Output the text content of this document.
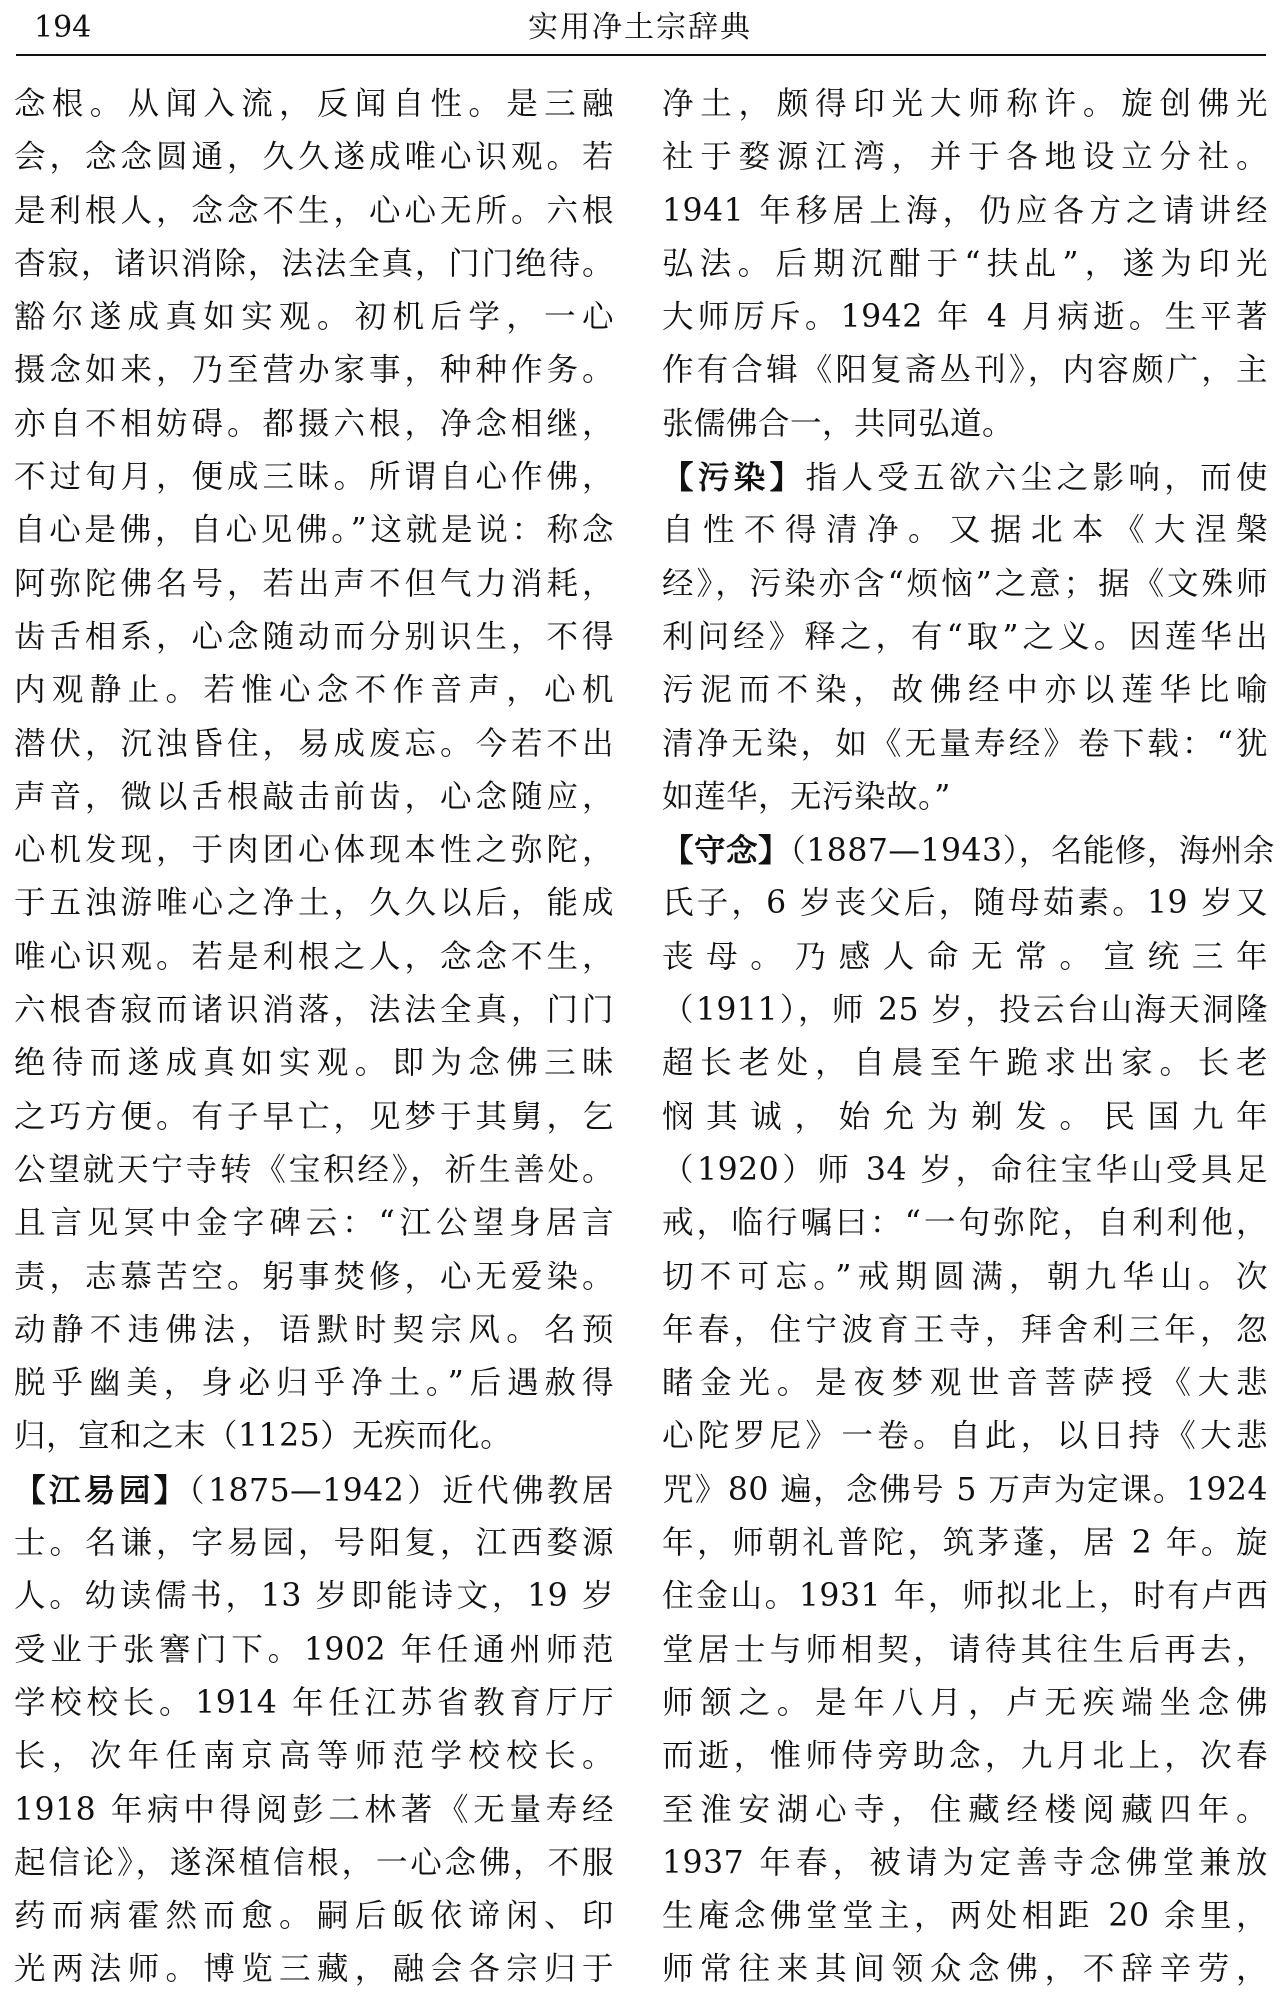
194	实用净土宗辞典
念根。从闻入流，反闻自性。是三融
会，念念圆通，久久遂成唯心识观。若
是利根人，念念不生，心心无所。六根
杳寂，诸识消除，法法全真，门门绝待。
豁尔遂成真如实观。初机后学，一心
摄念如来，乃至营办家事，种种作务。
亦自不相妨碍。都摄六根，净念相继，
不过旬月，便成三昧。所谓自心作佛，
自心是佛，自心见佛。”这就是说：称念
阿弥陀佛名号，若出声不但气力消耗，
齿舌相系，心念随动而分别识生，不得
内观静止。若惟心念不作音声，心机
潜伏，沉浊昏住，易成废忘。今若不出
声音，微以舌根敲击前齿，心念随应，
心机发现，于肉团心体现本性之弥陀，
于五浊游唯心之净土，久久以后，能成
唯心识观。若是利根之人，念念不生，
六根杳寂而诸识消落，法法全真，门门
绝待而遂成真如实观。即为念佛三昧
之巧方便。有子早亡，见梦于其舅，乞
公望就天宁寺转《宝积经》，祈生善处。
且言见冥中金字碑云：“江公望身居言
责，志慕苦空。躬事焚修，心无爱染。
动静不违佛法，语默时契宗风。名预
脱乎幽美，身必归乎净土。”后遇赦得
归，宣和之末（1125）无疾而化。
【江易园】（1875—1942）近代佛教居
士。名谦，字易园，号阳复，江西婺源
人。幼读儒书，13 岁即能诗文，19 岁
受业于张謇门下。1902 年任通州师范
学校校长。1914 年任江苏省教育厅厅
长，次年任南京高等师范学校校长。
1918 年病中得阅彭二林著《无量寿经
起信论》，遂深植信根，一心念佛，不服
药而病霍然而愈。嗣后皈依谛闲、印
光两法师。博览三藏，融会各宗归于
净土，颇得印光大师称许。旋创佛光
社于婺源江湾，并于各地设立分社。
1941 年移居上海，仍应各方之请讲经
弘法。后期沉酣于“扶乩”，遂为印光
大师厉斥。1942 年 4 月病逝。生平著
作有合辑《阳复斋丛刊》，内容颇广，主
张儒佛合一，共同弘道。
【污染】指人受五欲六尘之影响，而使
自性不得清净。又据北本《大涅槃
经》，污染亦含“烦恼”之意；据《文殊师
利问经》释之，有“取”之义。因莲华出
污泥而不染，故佛经中亦以莲华比喻
清净无染，如《无量寿经》卷下载：“犹
如莲华，无污染故。”
【守念】（1887—1943），名能修，海州余
氏子，6 岁丧父后，随母茹素。19 岁又
丧母。乃感人命无常。宣统三年
（1911），师 25 岁，投云台山海天洞隆
超长老处，自晨至午跪求出家。长老
悯其诚，始允为剃发。民国九年
（1920）师 34 岁，命往宝华山受具足
戒，临行嘱曰：“一句弥陀，自利利他，
切不可忘。”戒期圆满，朝九华山。次
年春，住宁波育王寺，拜舍利三年，忽
睹金光。是夜梦观世音菩萨授《大悲
心陀罗尼》一卷。自此，以日持《大悲
咒》80 遍，念佛号 5 万声为定课。1924
年，师朝礼普陀，筑茅蓬，居 2 年。旋
住金山。1931 年，师拟北上，时有卢西
堂居士与师相契，请待其往生后再去，
师颔之。是年八月，卢无疾端坐念佛
而逝，惟师侍旁助念，九月北上，次春
至淮安湖心寺，住藏经楼阅藏四年。
1937 年春，被请为定善寺念佛堂兼放
生庵念佛堂堂主，两处相距 20 余里，
师常往来其间领众念佛，不辞辛劳，
